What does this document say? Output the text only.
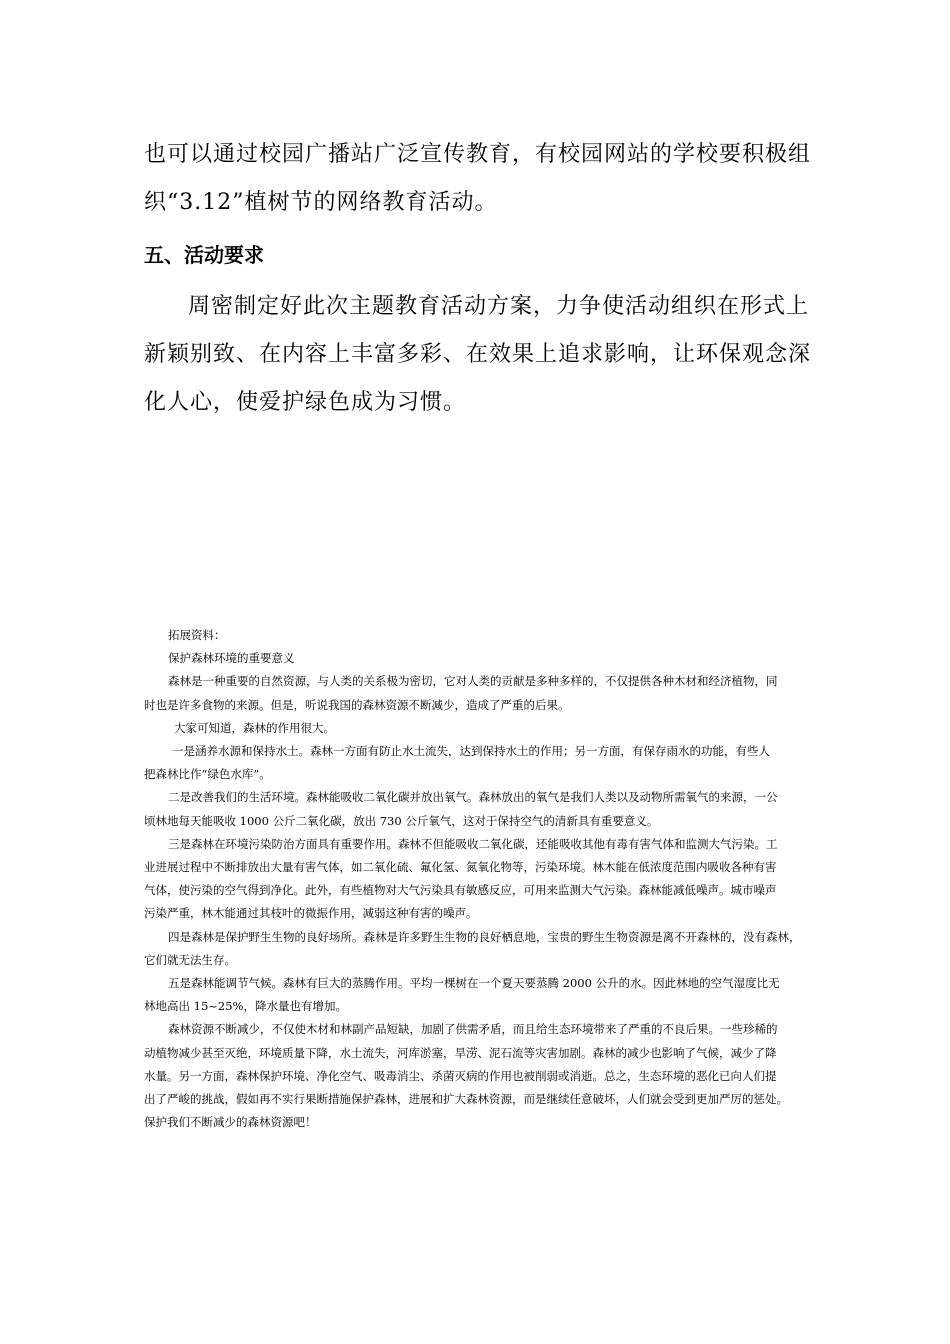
也可以通过校园广播站广泛宣传教育，有校园网站的学校要积极组
织“3.12”植树节的网络教育活动。
五、活动要求
周密制定好此次主题教育活动方案，力争使活动组织在形式上
新颖别致、在内容上丰富多彩、在效果上追求影响，让环保观念深
化人心，使爱护绿色成为习惯。
拓展资料：
保护森林环境的重要意义
森林是一种重要的自然资源，与人类的关系极为密切，它对人类的贡献是多种多样的，不仅提供各种木材和经济植物，同
时也是许多食物的来源。但是，听说我国的森林资源不断减少，造成了严重的后果。
大家可知道，森林的作用很大。
一是涵养水源和保持水土。森林一方面有防止水土流失，达到保持水土的作用；另一方面，有保存雨水的功能，有些人
把森林比作“绿色水库”。
二是改善我们的生活环境。森林能吸收二氧化碳并放出氧气。森林放出的氧气是我们人类以及动物所需氧气的来源，一公
顷林地每天能吸收 1000 公斤二氧化碳，放出 730 公斤氧气，这对于保持空气的清新具有重要意义。
三是森林在环境污染防治方面具有重要作用。森林不但能吸收二氧化碳，还能吸收其他有毒有害气体和监测大气污染。工
业进展过程中不断排放出大量有害气体，如二氧化硫、氟化氢、氮氧化物等，污染环境。林木能在低浓度范围内吸收各种有害
气体，使污染的空气得到净化。此外，有些植物对大气污染具有敏感反应，可用来监测大气污染。森林能减低噪声。城市噪声
污染严重，林木能通过其枝叶的微振作用，减弱这种有害的噪声。
四是森林是保护野生生物的良好场所。森林是许多野生生物的良好栖息地，宝贵的野生生物资源是离不开森林的，没有森林，
它们就无法生存。
五是森林能调节气候。森林有巨大的蒸腾作用。平均一棵树在一个夏天要蒸腾 2000 公升的水。因此林地的空气湿度比无
林地高出 15~25%，降水量也有增加。
森林资源不断减少，不仅使木材和林副产品短缺，加剧了供需矛盾，而且给生态环境带来了严重的不良后果。一些珍稀的
动植物减少甚至灭绝，环境质量下降，水土流失，河库淤塞，旱涝、泥石流等灾害加剧。森林的减少也影响了气候，减少了降
水量。另一方面，森林保护环境、净化空气、吸毒消尘、杀菌灭病的作用也被削弱或消逝。总之，生态环境的恶化已向人们提
出了严峻的挑战，假如再不实行果断措施保护森林，进展和扩大森林资源，而是继续任意破坏，人们就会受到更加严厉的惩处。
保护我们不断减少的森林资源吧！
